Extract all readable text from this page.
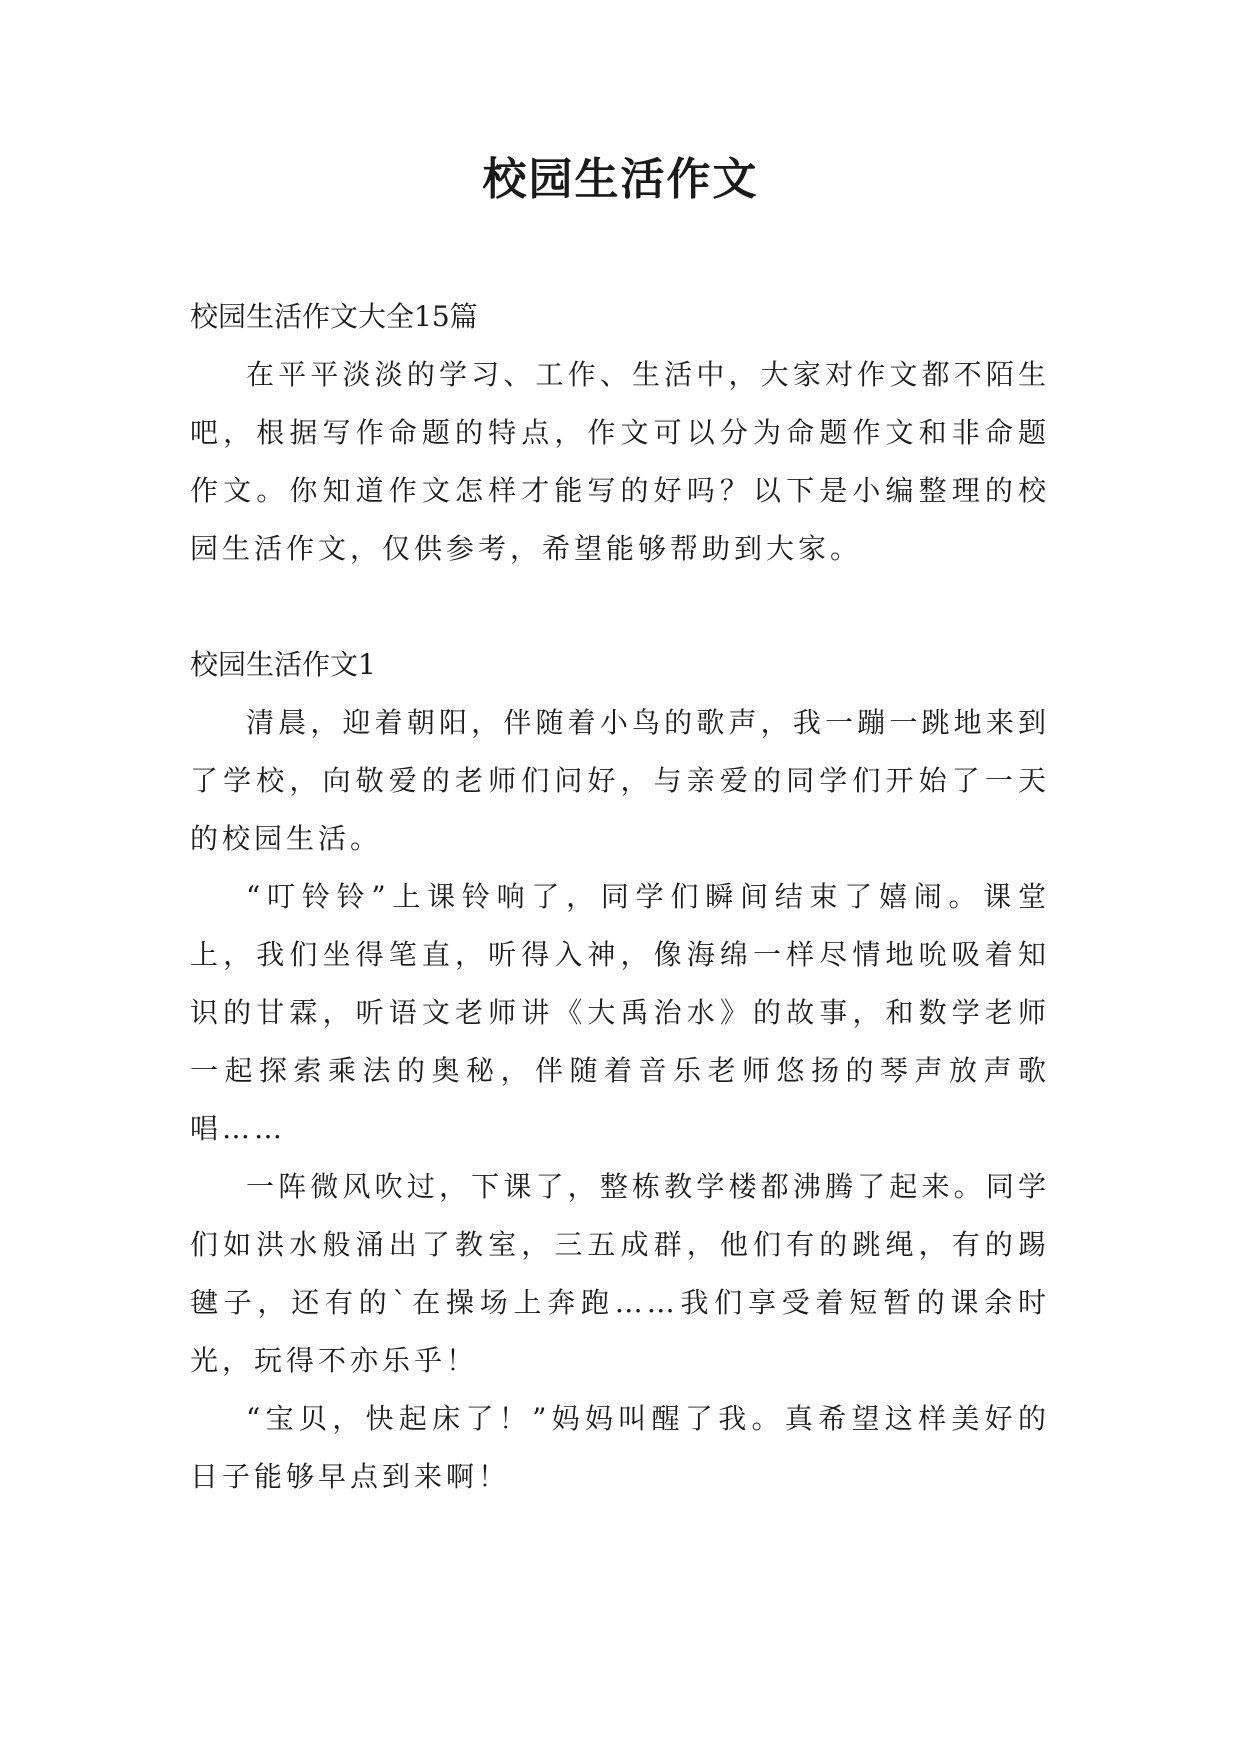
校园生活作文

校园生活作文大全15篇

在平平淡淡的学习、工作、生活中，大家对作文都不陌生吧，根据写作命题的特点，作文可以分为命题作文和非命题作文。你知道作文怎样才能写的好吗？以下是小编整理的校园生活作文，仅供参考，希望能够帮助到大家。

校园生活作文1

清晨，迎着朝阳，伴随着小鸟的歌声，我一蹦一跳地来到了学校，向敬爱的老师们问好，与亲爱的同学们开始了一天的校园生活。

“叮铃铃”上课铃响了，同学们瞬间结束了嬉闹。课堂上，我们坐得笔直，听得入神，像海绵一样尽情地吮吸着知识的甘霖，听语文老师讲《大禹治水》的故事，和数学老师一起探索乘法的奥秘，伴随着音乐老师悠扬的琴声放声歌唱……

一阵微风吹过，下课了，整栋教学楼都沸腾了起来。同学们如洪水般涌出了教室，三五成群，他们有的跳绳，有的踢毽子，还有的`在操场上奔跑……我们享受着短暂的课余时光，玩得不亦乐乎！

“宝贝，快起床了！”妈妈叫醒了我。真希望这样美好的日子能够早点到来啊！
